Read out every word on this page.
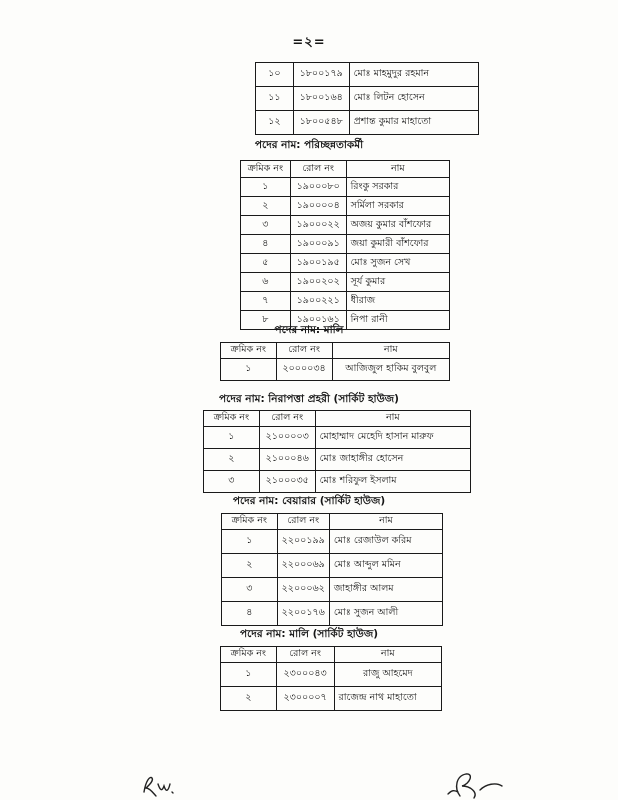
=২=
১০	১৮০০১৭৯	মোঃ মাহমুদুর রহমান
১১	১৮০০১৬৪	মোঃ লিটন হোসেন
১২	১৮০০৫৪৮	প্রশান্ত কুমার মাহাতো
পদের নাম: পরিচ্ছন্নতাকর্মী
ক্রমিক নং	রোল নং	নাম
১	১৯০০০৮০	রিংকু সরকার
২	১৯০০০০৪	সর্মিলা সরকার
৩	১৯০০০২২	অজয় কুমার বাঁশফোর
৪	১৯০০০৯১	জয়া কুমারী বাঁশফোর
৫	১৯০০১৯৫	মোঃ সুজন সেখ
৬	১৯০০২০২	সূর্য কুমার
৭	১৯০০২২১	ধীরাজ
৮	১৯০০১৬১	নিপা রানী
পদের নাম: মালি
ক্রমিক নং	রোল নং	নাম
১	২০০০০৩৪	আজিজুল হাকিম বুলবুল
পদের নাম: নিরাপত্তা প্রহরী (সার্কিট হাউজ)
ক্রমিক নং	রোল নং	নাম
১	২১০০০০৩	মোহাম্মাদ মেহেদি হাসান মারুফ
২	২১০০০৪৬	মোঃ জাহাঙ্গীর হোসেন
৩	২১০০০৩৫	মোঃ শরিফুল ইসলাম
পদের নাম: বেয়ারার (সার্কিট হাউজ)
ক্রমিক নং	রোল নং	নাম
১	২২০০১৯৯	মোঃ রেজাউল করিম
২	২২০০০৬৯	মোঃ আব্দুল মমিন
৩	২২০০০৬২	জাহাঙ্গীর আলম
৪	২২০০১৭৬	মোঃ সুজন আলী
পদের নাম: মালি (সার্কিট হাউজ)
ক্রমিক নং	রোল নং	নাম
১	২৩০০০৪৩	রাজু আহমেদ
২	২৩০০০০৭	রাজেন্দ্র নাথ মাহাতো
